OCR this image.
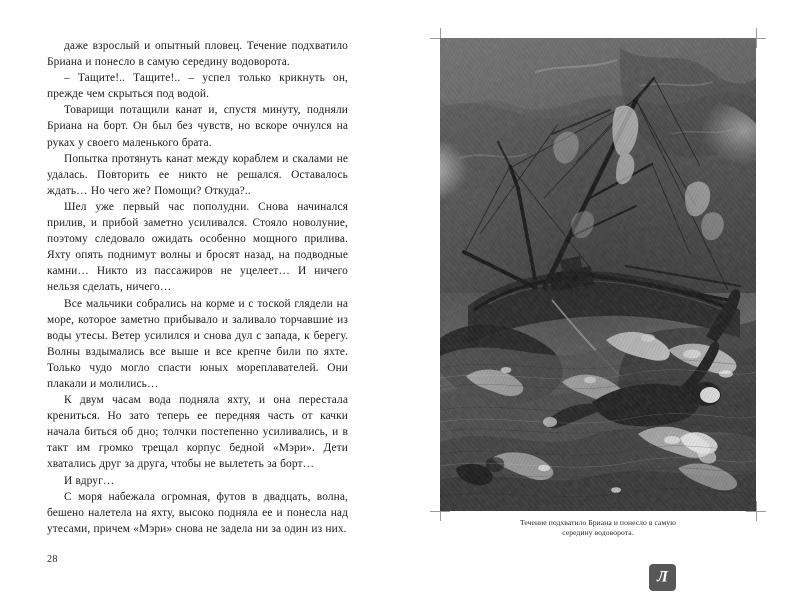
даже взрослый и опытный пловец. Течение подхватило Бриана и понесло в самую середину водоворота.

– Тащите!.. Тащите!.. – успел только крикнуть он, прежде чем скрыться под водой.

Товарищи потащили канат и, спустя минуту, подняли Бриана на борт. Он был без чувств, но вскоре очнулся на руках у своего маленького брата.

Попытка протянуть канат между кораблем и скалами не удалась. Повторить ее никто не решался. Оставалось ждать… Но чего же? Помощи? Откуда?..

Шел уже первый час пополудни. Снова начинался прилив, и прибой заметно усиливался. Стояло новолуние, поэтому следовало ожидать особенно мощного прилива. Яхту опять поднимут волны и бросят назад, на подводные камни… Никто из пассажиров не уцелеет… И ничего нельзя сделать, ничего…

Все мальчики собрались на корме и с тоской глядели на море, которое заметно прибывало и заливало торчавшие из воды утесы. Ветер усилился и снова дул с запада, к берегу. Волны вздымались все выше и все крепче били по яхте. Только чудо могло спасти юных мореплавателей. Они плакали и молились…

К двум часам вода подняла яхту, и она перестала крениться. Но зато теперь ее передняя часть от качки начала биться об дно; толчки постепенно усиливались, и в такт им громко трещал корпус бедной «Мэри». Дети хватались друг за друга, чтобы не вылететь за борт…

И вдруг…

С моря набежала огромная, футов в двадцать, волна, бешено налетела на яхту, высоко подняла ее и понесла над утесами, причем «Мэри» снова не задела ни за один из них.

28
Течение подхватило Бриана и понесло в самую
середину водоворота.
Л
